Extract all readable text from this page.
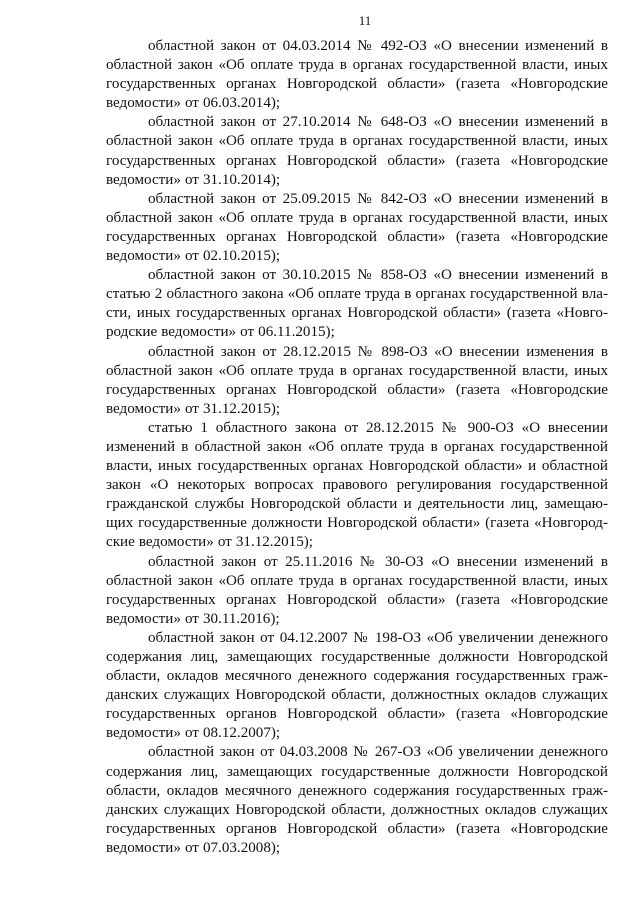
11

областной закон от 04.03.2014 № 492-ОЗ «О внесении изменений в областной закон «Об оплате труда в органах государственной власти, иных государственных органах Новгородской области» (газета «Новгородские ведомости» от 06.03.2014);

областной закон от 27.10.2014 № 648-ОЗ «О внесении изменений в областной закон «Об оплате труда в органах государственной власти, иных государственных органах Новгородской области» (газета «Новгородские ведомости» от 31.10.2014);

областной закон от 25.09.2015 № 842-ОЗ «О внесении изменений в областной закон «Об оплате труда в органах государственной власти, иных государственных органах Новгородской области» (газета «Новгородские ведомости» от 02.10.2015);

областной закон от 30.10.2015 № 858-ОЗ «О внесении изменений в статью 2 областного закона «Об оплате труда в органах государственной власти, иных государственных органах Новгородской области» (газета «Новгородские ведомости» от 06.11.2015);

областной закон от 28.12.2015 № 898-ОЗ «О внесении изменения в областной закон «Об оплате труда в органах государственной власти, иных государственных органах Новгородской области» (газета «Новгородские ведомости» от 31.12.2015);

статью 1 областного закона от 28.12.2015 № 900-ОЗ «О внесении изменений в областной закон «Об оплате труда в органах государственной власти, иных государственных органах Новгородской области» и областной закон «О некоторых вопросах правового регулирования государственной гражданской службы Новгородской области и деятельности лиц, замещающих государственные должности Новгородской области» (газета «Новгородские ведомости» от 31.12.2015);

областной закон от 25.11.2016 № 30-ОЗ «О внесении изменений в областной закон «Об оплате труда в органах государственной власти, иных государственных органах Новгородской области» (газета «Новгородские ведомости» от 30.11.2016);

областной закон от 04.12.2007 № 198-ОЗ «Об увеличении денежного содержания лиц, замещающих государственные должности Новгородской области, окладов месячного денежного содержания государственных гражданских служащих Новгородской области, должностных окладов служащих государственных органов Новгородской области» (газета «Новгородские ведомости» от 08.12.2007);

областной закон от 04.03.2008 № 267-ОЗ «Об увеличении денежного содержания лиц, замещающих государственные должности Новгородской области, окладов месячного денежного содержания государственных гражданских служащих Новгородской области, должностных окладов служащих государственных органов Новгородской области» (газета «Новгородские ведомости» от 07.03.2008);
